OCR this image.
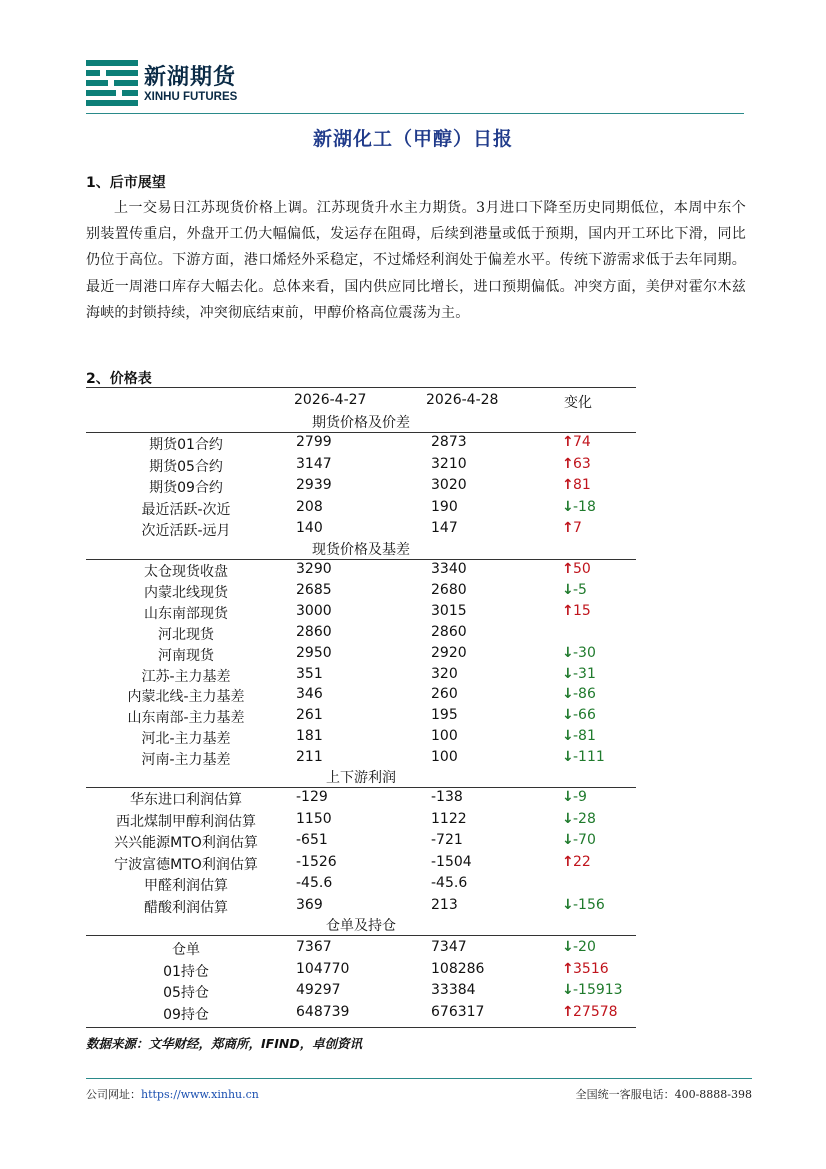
新湖期货
XINHU FUTURES
新湖化工（甲醇）日报
1、后市展望
上一交易日江苏现货价格上调。江苏现货升水主力期货。3月进口下降至历史同期低位，本周中东个别装置传重启，外盘开工仍大幅偏低，发运存在阻碍，后续到港量或低于预期，国内开工环比下滑，同比仍位于高位。下游方面，港口烯烃外采稳定，不过烯烃利润处于偏差水平。传统下游需求低于去年同期。最近一周港口库存大幅去化。总体来看，国内供应同比增长，进口预期偏低。冲突方面，美伊对霍尔木兹海峡的封锁持续，冲突彻底结束前，甲醇价格高位震荡为主。
2、价格表
2026-4-27	2026-4-28	变化
期货价格及价差
期货01合约	2799	2873	↑74
期货05合约	3147	3210	↑63
期货09合约	2939	3020	↑81
最近活跃-次近	208	190	↓-18
次近活跃-远月	140	147	↑7
现货价格及基差
太仓现货收盘	3290	3340	↑50
内蒙北线现货	2685	2680	↓-5
山东南部现货	3000	3015	↑15
河北现货	2860	2860
河南现货	2950	2920	↓-30
江苏-主力基差	351	320	↓-31
内蒙北线-主力基差	346	260	↓-86
山东南部-主力基差	261	195	↓-66
河北-主力基差	181	100	↓-81
河南-主力基差	211	100	↓-111
上下游利润
华东进口利润估算	-129	-138	↓-9
西北煤制甲醇利润估算	1150	1122	↓-28
兴兴能源MTO利润估算	-651	-721	↓-70
宁波富德MTO利润估算	-1526	-1504	↑22
甲醛利润估算	-45.6	-45.6
醋酸利润估算	369	213	↓-156
仓单及持仓
仓单	7367	7347	↓-20
01持仓	104770	108286	↑3516
05持仓	49297	33384	↓-15913
09持仓	648739	676317	↑27578
数据来源：文华财经，郑商所，IFIND，卓创资讯
公司网址：https://www.xinhu.cn	全国统一客服电话：400-8888-398
